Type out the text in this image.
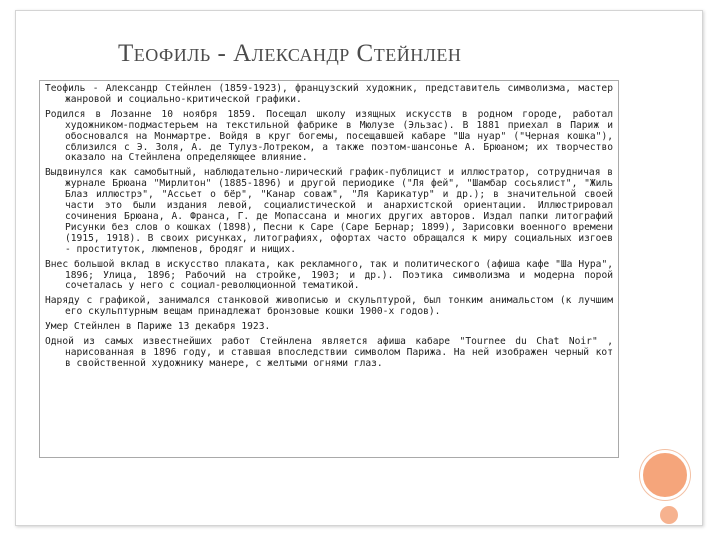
Теофиль - Александр Стейнлен

Теофиль - Александр Стейнлен (1859-1923), французский художник, представитель символизма, мастер жанровой и социально-критической графики.

Родился в Лозанне 10 ноября 1859. Посещал школу изящных искусств в родном городе, работал художником-подмастерьем на текстильной фабрике в Мюлузе (Эльзас). В 1881 приехал в Париж и обосновался на Монмартре. Войдя в круг богемы, посещавшей кабаре "Ша нуар" ("Черная кошка"), сблизился с Э. Золя, А. де Тулуз-Лотреком, а также поэтом-шансонье А. Брюаном; их творчество оказало на Стейнлена определяющее влияние.

Выдвинулся как самобытный, наблюдательно-лирический график-публицист и иллюстратор, сотрудничая в журнале Брюана "Мирлитон" (1885-1896) и другой периодике ("Ля фей", "Шамбар сосьялист", "Жиль Блаз иллюстрэ", "Ассьет о бёр", "Канар соваж", "Ля Карикатур" и др.); в значительной своей части это были издания левой, социалистической и анархистской ориентации. Иллюстрировал сочинения Брюана, А. Франса, Г. де Мопассана и многих других авторов. Издал папки литографий Рисунки без слов о кошках (1898), Песни к Саре (Саре Бернар; 1899), Зарисовки военного времени (1915, 1918). В своих рисунках, литографиях, офортах часто обращался к миру социальных изгоев - проституток, люмпенов, бродяг и нищих.

Внес большой вклад в искусство плаката, как рекламного, так и политического (афиша кафе "Ша Нура", 1896; Улица, 1896; Рабочий на стройке, 1903; и др.). Поэтика символизма и модерна порой сочеталась у него с социал-революционной тематикой.

Наряду с графикой, занимался станковой живописью и скульптурой, был тонким анимальстом (к лучшим его скульптурным вещам принадлежат бронзовые кошки 1900-х годов).

Умер Стейнлен в Париже 13 декабря 1923.

Одной из самых известнейших работ Стейнлена является афиша кабаре "Tournee du Chat Noir" , нарисованная в 1896 году, и ставшая впоследствии символом Парижа. На ней изображен черный кот в свойственной художнику манере, с желтыми огнями глаз.
